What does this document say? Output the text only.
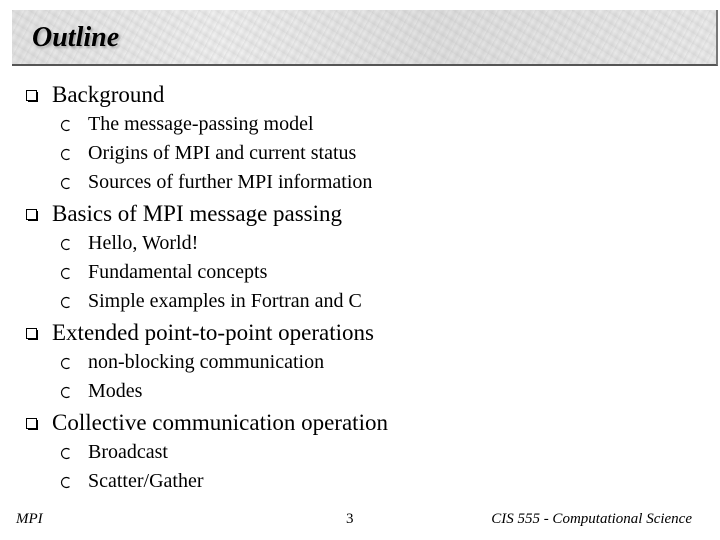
Outline
Background
The message-passing model
Origins of MPI and current status
Sources of further MPI information
Basics of MPI message passing
Hello, World!
Fundamental concepts
Simple examples in Fortran and C
Extended point-to-point operations
non-blocking communication
Modes
Collective communication operation
Broadcast
Scatter/Gather
MPI	3	CIS 555 - Computational Science
